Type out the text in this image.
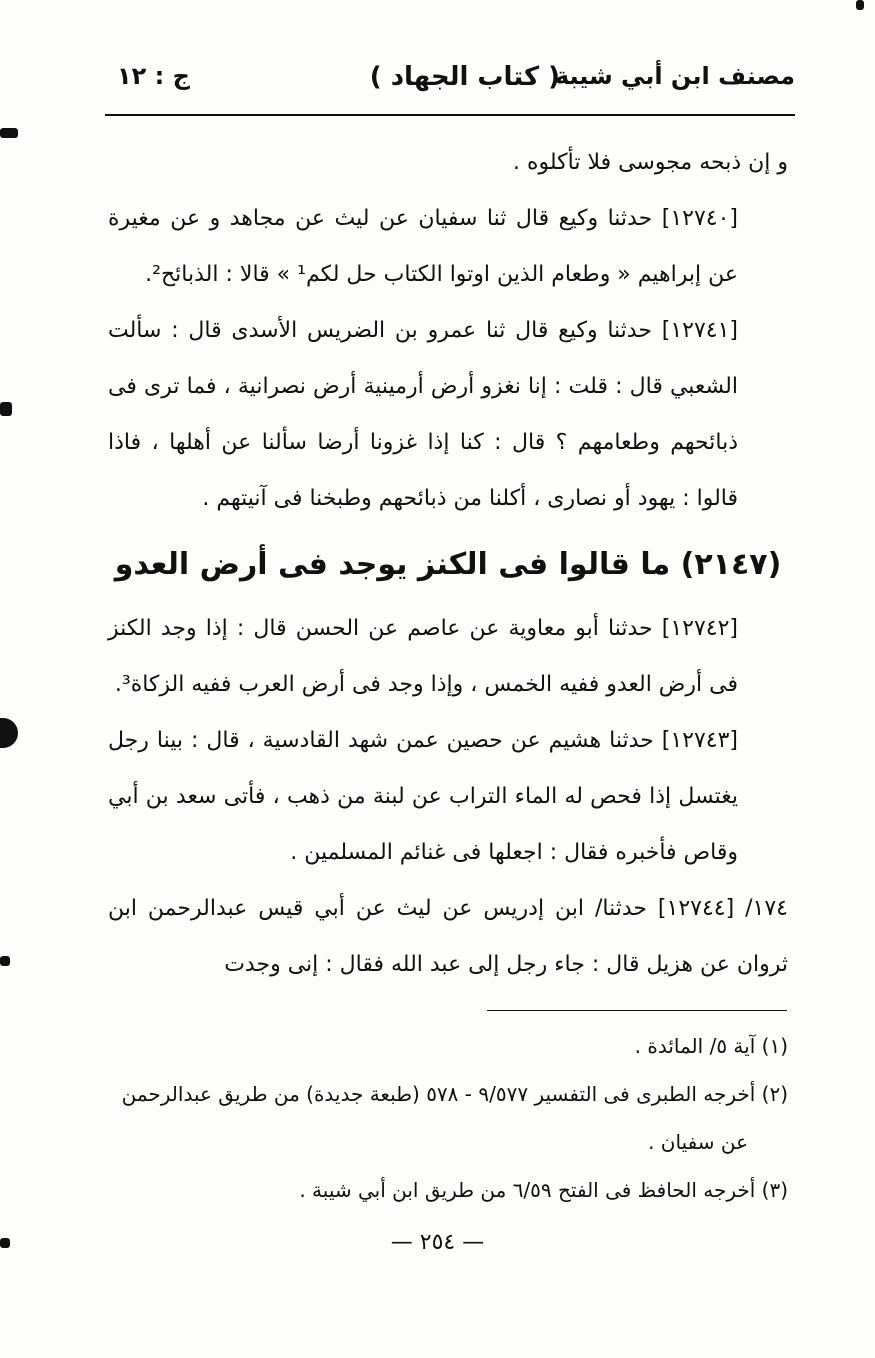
مصنف ابن أبي شيبة
( كتاب الجهاد )
ج : ١٢

و إن ذبحه مجوسى فلا تأكلوه .

[١٢٧٤٠] حدثنا وكيع قال ثنا سفيان عن ليث عن مجاهد و عن مغيرة عن إبراهيم « وطعام الذين اوتوا الكتاب حل لكم¹ » قالا : الذبائح².

[١٢٧٤١] حدثنا وكيع قال ثنا عمرو بن الضريس الأسدى قال : سألت الشعبي قال : قلت : إنا نغزو أرض أرمينية أرض نصرانية ، فما ترى فى ذبائحهم وطعامهم ؟ قال : كنا إذا غزونا أرضا سألنا عن أهلها ، فاذا قالوا : يهود أو نصارى ، أكلنا من ذبائحهم وطبخنا فى آنيتهم .

(٢١٤٧) ما قالوا فى الكنز يوجد فى أرض العدو

[١٢٧٤٢] حدثنا أبو معاوية عن عاصم عن الحسن قال : إذا وجد الكنز فى أرض العدو ففيه الخمس ، وإذا وجد فى أرض العرب ففيه الزكاة³.

[١٢٧٤٣] حدثنا هشيم عن حصين عمن شهد القادسية ، قال : بينا رجل يغتسل إذا فحص له الماء التراب عن لبنة من ذهب ، فأتى سعد بن أبي وقاص فأخبره فقال : اجعلها فى غنائم المسلمين .

١٧٤/ [١٢٧٤٤] حدثنا/ ابن إدريس عن ليث عن أبي قيس عبدالرحمن ابن ثروان عن هزيل قال : جاء رجل إلى عبد الله فقال : إنى وجدت

(١) آية ٥/ المائدة .

(٢) أخرجه الطبرى فى التفسير ٩/٥٧٧ - ٥٧٨ (طبعة جديدة) من طريق عبدالرحمن

عن سفيان .

(٣) أخرجه الحافظ فى الفتح ٦/٥٩ من طريق ابن أبي شيبة .

— ٢٥٤ —
